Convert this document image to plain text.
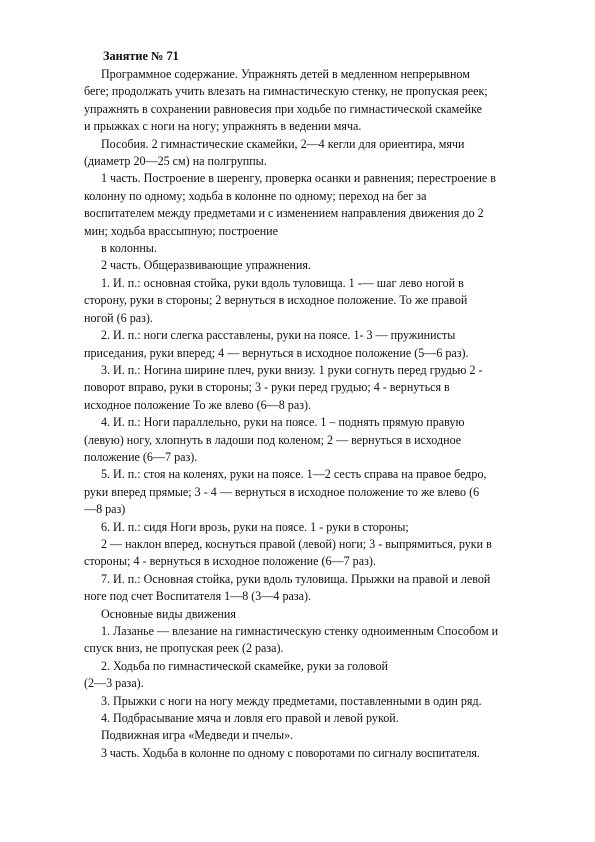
Занятие № 71
Программное содержание. Упражнять детей в медленном непрерывном
беге; продолжать учить влезать на гимнастическую стенку, не пропуская реек;
упражнять в сохранении равновесия при ходьбе по гимнастической скамейке
и прыжках с ноги на ногу; упражнять в ведении мяча.
Пособия. 2 гимнастические скамейки, 2—4 кегли для ориентира, мячи
(диаметр 20—25 см) на полгруппы.
1 часть. Построение в шеренгу, проверка осанки и равнения; перестроение в
колонну по одному; ходьба в колонне по одному; переход на бег за
воспитателем между предметами и с изменением направления движения до 2
мин; ходьба врассыпную; построение
в колонны.
2 часть. Общеразвивающие упражнения.
1. И. п.: основная стойка, руки вдоль туловища. 1 -— шаг лево ногой в
сторону, руки в стороны; 2 вернуться в исходное положение. То же правой
ногой (6 раз).
2. И. п.: ноги слегка расставлены, руки на поясе. 1- 3 — пружинисты
приседания, руки вперед; 4 — вернуться в исходное положение (5—6 раз).
3. И. п.: Ногина ширине плеч, руки внизу. 1 руки согнуть перед грудью 2 -
поворот вправо, руки в стороны; 3 - руки перед грудью; 4 - вернуться в
исходное положение То же влево (6—8 раз).
4. И. п.: Ноги параллельно, руки на поясе. 1 – поднять прямую правую
(левую) ногу, хлопнуть в ладоши под коленом; 2 — вернуться в исходное
положение (6—7 раз).
5. И. п.: стоя на коленях, руки на поясе. 1—2 сесть справа на правое бедро,
руки вперед прямые; 3 - 4 — вернуться в исходное положение то же влево (6
—8 раз)
6. И. п.: сидя Ноги врозь, руки на поясе. 1 - руки в стороны;
2 — наклон вперед, коснуться правой (левой) ноги; 3 - выпрямиться, руки в
стороны; 4 - вернуться в исходное положение (6—7 раз).
7. И. п.: Основная стойка, руки вдоль туловища. Прыжки на правой и левой
ноге под счет Воспитателя 1—8 (3—4 раза).
Основные виды движения
1. Лазанье — влезание на гимнастическую стенку одноименным Способом и
спуск вниз, не пропуская реек (2 раза).
2. Ходьба по гимнастической скамейке, руки за головой
(2—3 раза).
3. Прыжки с ноги на ногу между предметами, поставленными в один ряд.
4. Подбрасывание мяча и ловля его правой и левой рукой.
Подвижная игра «Медведи и пчелы».
3 часть. Ходьба в колонне по одному с поворотами по сигналу воспитателя.
